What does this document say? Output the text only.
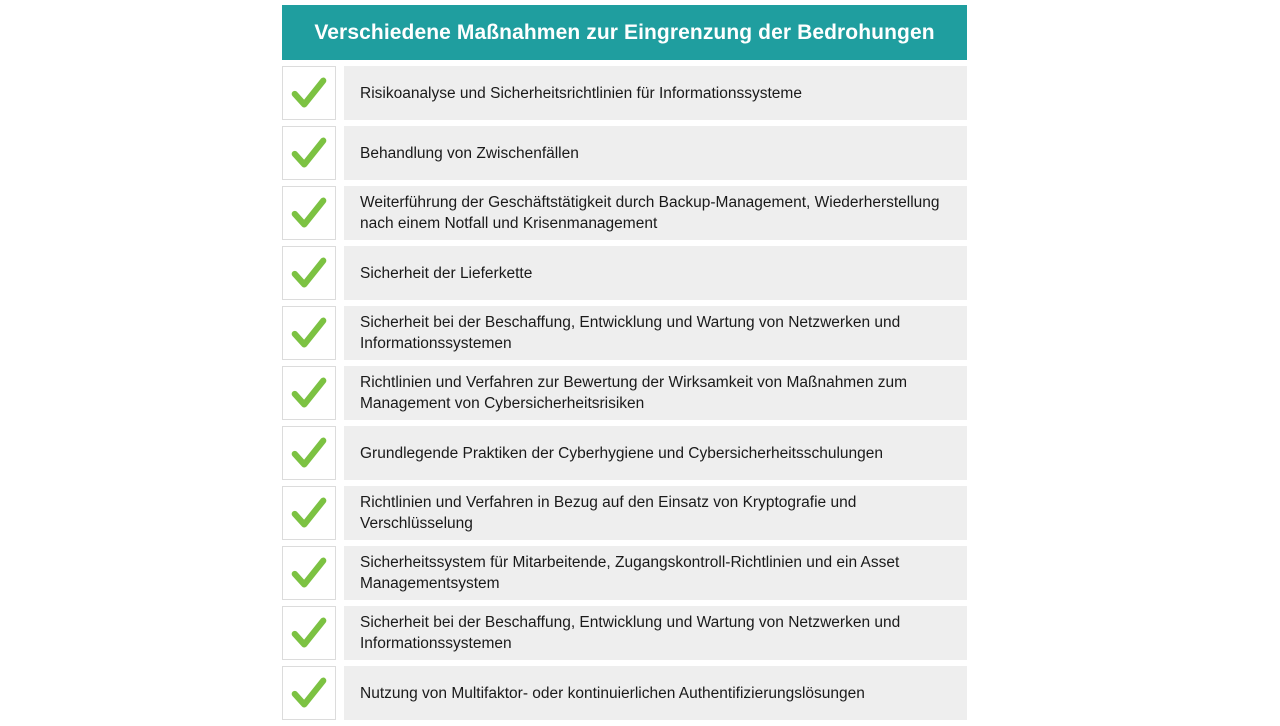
Verschiedene Maßnahmen zur Eingrenzung der Bedrohungen
Risikoanalyse und Sicherheitsrichtlinien für Informationssysteme
Behandlung von Zwischenfällen
Weiterführung der Geschäftstätigkeit durch Backup-Management, Wiederherstellung nach einem Notfall und Krisenmanagement
Sicherheit der Lieferkette
Sicherheit bei der Beschaffung, Entwicklung und Wartung von Netzwerken und Informationssystemen
Richtlinien und Verfahren zur Bewertung der Wirksamkeit von Maßnahmen zum Management von Cybersicherheitsrisiken
Grundlegende Praktiken der Cyberhygiene und Cybersicherheitsschulungen
Richtlinien und Verfahren in Bezug auf den Einsatz von Kryptografie und Verschlüsselung
Sicherheitssystem für Mitarbeitende, Zugangskontroll-Richtlinien und ein Asset Managementsystem
Sicherheit bei der Beschaffung, Entwicklung und Wartung von Netzwerken und Informationssystemen
Nutzung von Multifaktor- oder kontinuierlichen Authentifizierungslösungen
